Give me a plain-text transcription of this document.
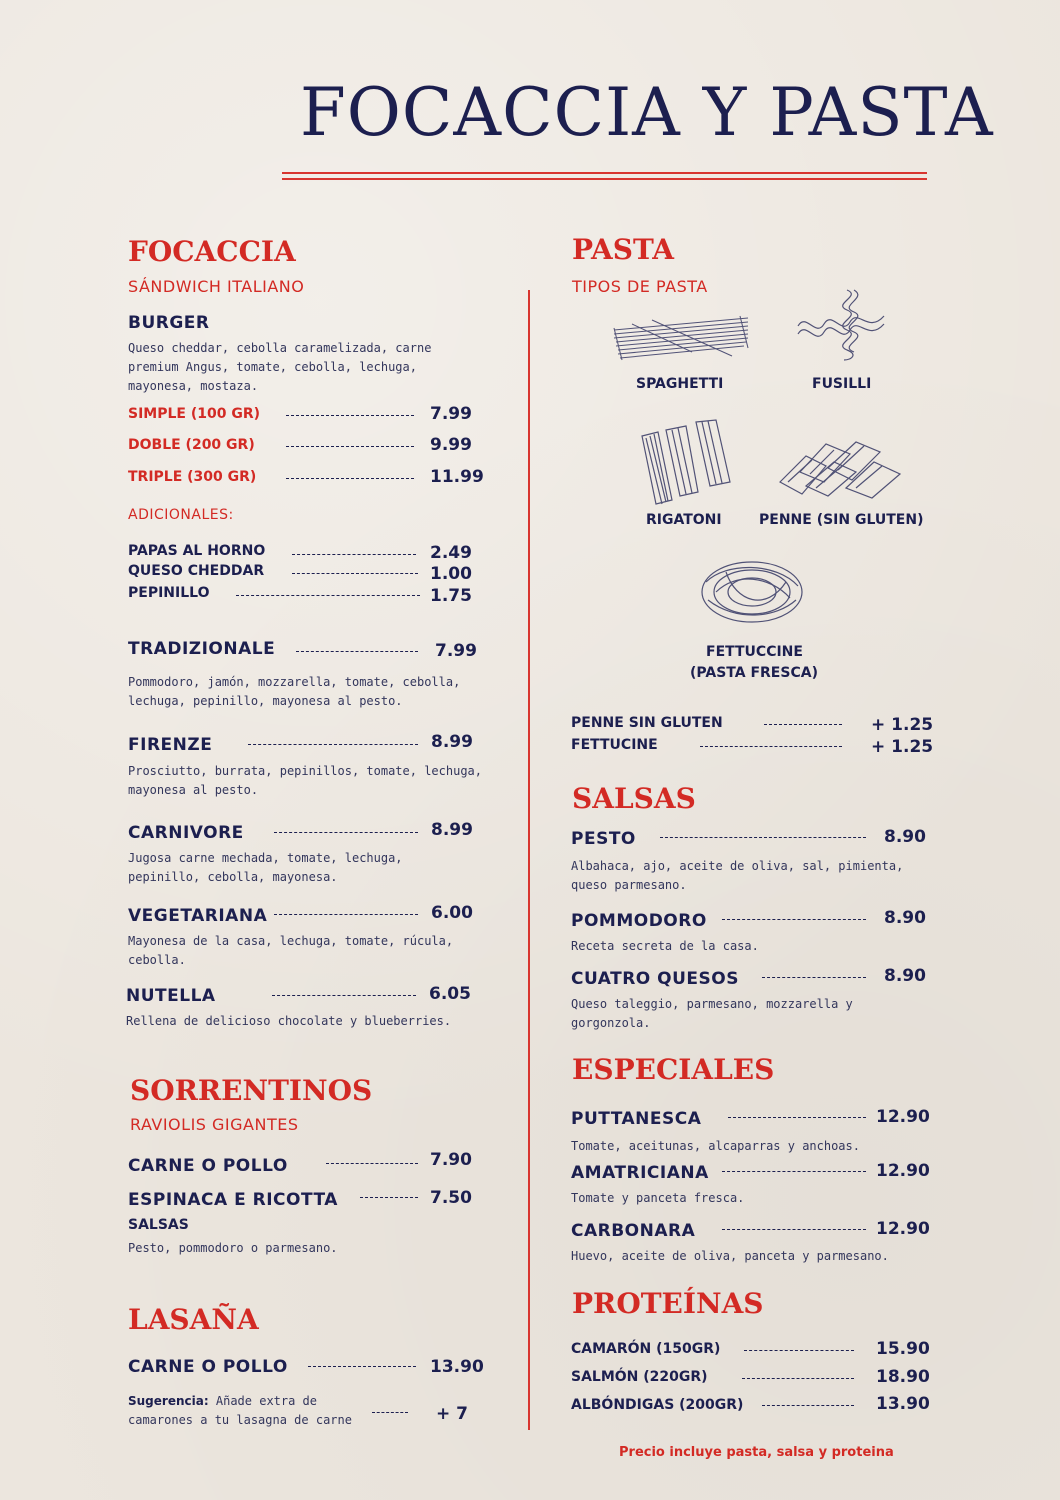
FOCACCIA Y PASTA
FOCACCIA
SÁNDWICH ITALIANO
BURGER
Queso cheddar, cebolla caramelizada, carne
premium Angus, tomate, cebolla, lechuga,
mayonesa, mostaza.
SIMPLE (100 GR)	7.99
DOBLE (200 GR)	9.99
TRIPLE (300 GR)	11.99
ADICIONALES:
PAPAS AL HORNO	2.49
QUESO CHEDDAR	1.00
PEPINILLO	1.75
TRADIZIONALE	7.99
Pommodoro, jamón, mozzarella, tomate, cebolla,
lechuga, pepinillo, mayonesa al pesto.
FIRENZE	8.99
Prosciutto, burrata, pepinillos, tomate, lechuga,
mayonesa al pesto.
CARNIVORE	8.99
Jugosa carne mechada, tomate, lechuga,
pepinillo, cebolla, mayonesa.
VEGETARIANA	6.00
Mayonesa de la casa, lechuga, tomate, rúcula,
cebolla.
NUTELLA	6.05
Rellena de delicioso chocolate y blueberries.
SORRENTINOS
RAVIOLIS GIGANTES
CARNE O POLLO	7.90
ESPINACA E RICOTTA	7.50
SALSAS
Pesto, pommodoro o parmesano.
LASAÑA
CARNE O POLLO	13.90
Sugerencia: Añade extra de
camarones a tu lasagna de carne	+ 7
PASTA
TIPOS DE PASTA
SPAGHETTI	FUSILLI
RIGATONI	PENNE (SIN GLUTEN)
FETTUCCINE
(PASTA FRESCA)
PENNE SIN GLUTEN	+ 1.25
FETTUCINE	+ 1.25
SALSAS
PESTO	8.90
Albahaca, ajo, aceite de oliva, sal, pimienta,
queso parmesano.
POMMODORO	8.90
Receta secreta de la casa.
CUATRO QUESOS	8.90
Queso taleggio, parmesano, mozzarella y
gorgonzola.
ESPECIALES
PUTTANESCA	12.90
Tomate, aceitunas, alcaparras y anchoas.
AMATRICIANA	12.90
Tomate y panceta fresca.
CARBONARA	12.90
Huevo, aceite de oliva, panceta y parmesano.
PROTEÍNAS
CAMARÓN (150GR)	15.90
SALMÓN (220GR)	18.90
ALBÓNDIGAS (200GR)	13.90
Precio incluye pasta, salsa y proteina
